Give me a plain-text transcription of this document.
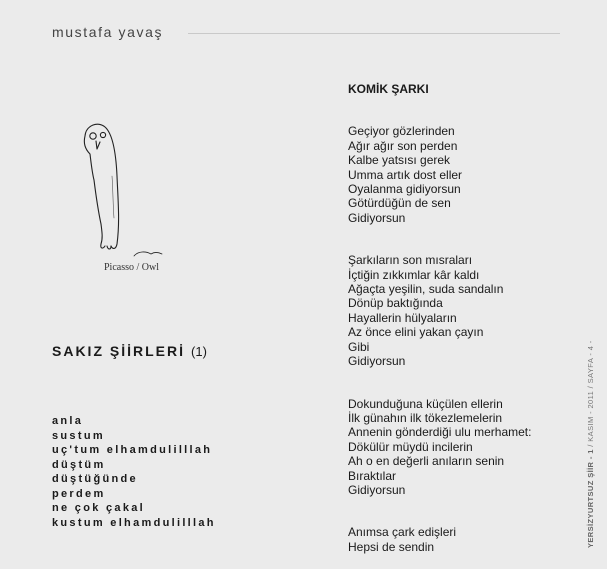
mustafa yavaş
Picasso / Owl
SAKIZ ŞİİRLERİ (1)
anla
sustum
uç'tum elhamdulilllah
düştüm
düştüğünde
perdem
ne çok çakal
kustum elhamdulilllah
KOMİK ŞARKI
Geçiyor gözlerinden
Ağır ağır son perden
Kalbe yatsısı gerek
Umma artık dost eller
Oyalanma gidiyorsun
Götürdüğün de sen
Gidiyorsun
Şarkıların son mısraları
İçtiğin zıkkımlar kâr kaldı
Ağaçta yeşilin, suda sandalın
Dönüp baktığında
Hayallerin hülyaların
Az önce elini yakan çayın
Gibi
Gidiyorsun
Dokunduğuna küçülen ellerin
İlk günahın ilk tökezlemelerin
Annenin gönderdiği ulu merhamet:
Dökülür müydü incilerin
Ah o en değerli anıların senin
Bıraktılar
Gidiyorsun
Anımsa çark edişleri
Hepsi de sendin	YERSİZYURTSUZ ŞİİR - 1 / KASIM - 2011 / SAYFA - 4 -
